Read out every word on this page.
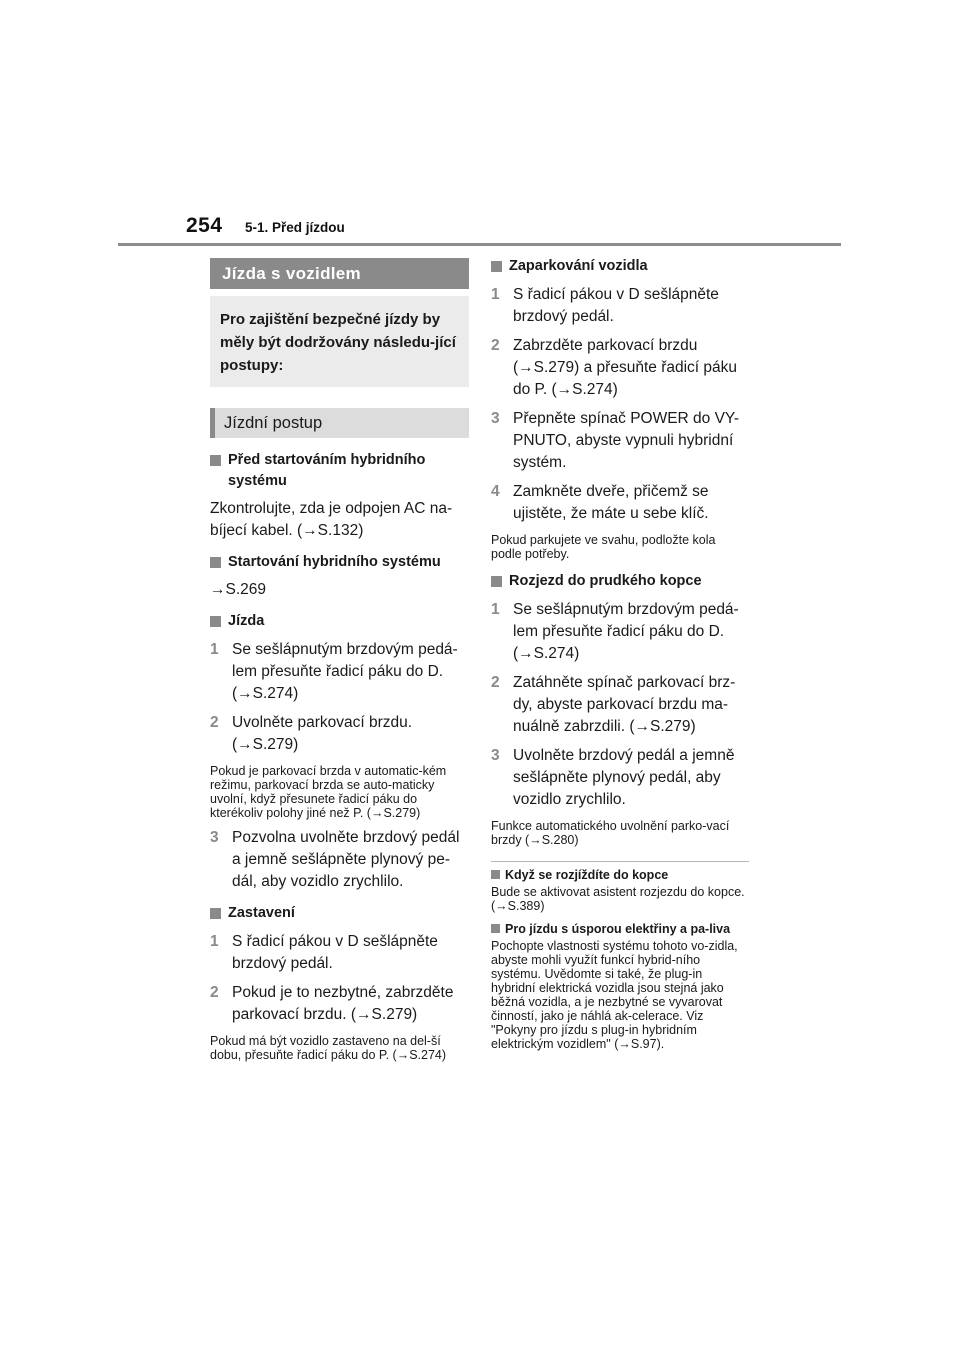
254 5-1. Před jízdou
Jízda s vozidlem
Pro zajištění bezpečné jízdy by měly být dodržovány následu-jící postupy:
Jízdní postup
Před startováním hybridního systému
Zkontrolujte, zda je odpojen AC na-bíjecí kabel. (→S.132)
Startování hybridního systému
→S.269
Jízda
1 Se sešlápnutým brzdovým pedá-lem přesuňte řadicí páku do D. (→S.274)
2 Uvolněte parkovací brzdu. (→S.279)
Pokud je parkovací brzda v automatic-kém režimu, parkovací brzda se auto-maticky uvolní, když přesunete řadicí páku do kterékoliv polohy jiné než P. (→S.279)
3 Pozvolna uvolněte brzdový pedál a jemně sešlápněte plynový pe-dál, aby vozidlo zrychlilo.
Zastavení
1 S řadicí pákou v D sešlápněte brzdový pedál.
2 Pokud je to nezbytné, zabrzděte parkovací brzdu. (→S.279)
Pokud má být vozidlo zastaveno na del-ší dobu, přesuňte řadicí páku do P. (→S.274)
Zaparkování vozidla
1 S řadicí pákou v D sešlápněte brzdový pedál.
2 Zabrzděte parkovací brzdu (→S.279) a přesuňte řadicí páku do P. (→S.274)
3 Přepněte spínač POWER do VY-PNUTO, abyste vypnuli hybridní systém.
4 Zamkněte dveře, přičemž se ujistěte, že máte u sebe klíč.
Pokud parkujete ve svahu, podložte kola podle potřeby.
Rozjezd do prudkého kopce
1 Se sešlápnutým brzdovým pedá-lem přesuňte řadicí páku do D. (→S.274)
2 Zatáhněte spínač parkovací brz-dy, abyste parkovací brzdu ma-nuálně zabrzdili. (→S.279)
3 Uvolněte brzdový pedál a jemně sešlápněte plynový pedál, aby vozidlo zrychlilo.
Funkce automatického uvolnění parko-vací brzdy (→S.280)
Když se rozjíždíte do kopce
Bude se aktivovat asistent rozjezdu do kopce. (→S.389)
Pro jízdu s úsporou elektřiny a pa-liva
Pochopte vlastnosti systému tohoto vo-zidla, abyste mohli využít funkcí hybrid-ního systému. Uvědomte si také, že plug-in hybridní elektrická vozidla jsou stejná jako běžná vozidla, a je nezbytné se vyvarovat činností, jako je náhlá ak-celerace. Viz "Pokyny pro jízdu s plug-in hybridním elektrickým vozidlem" (→S.97).
